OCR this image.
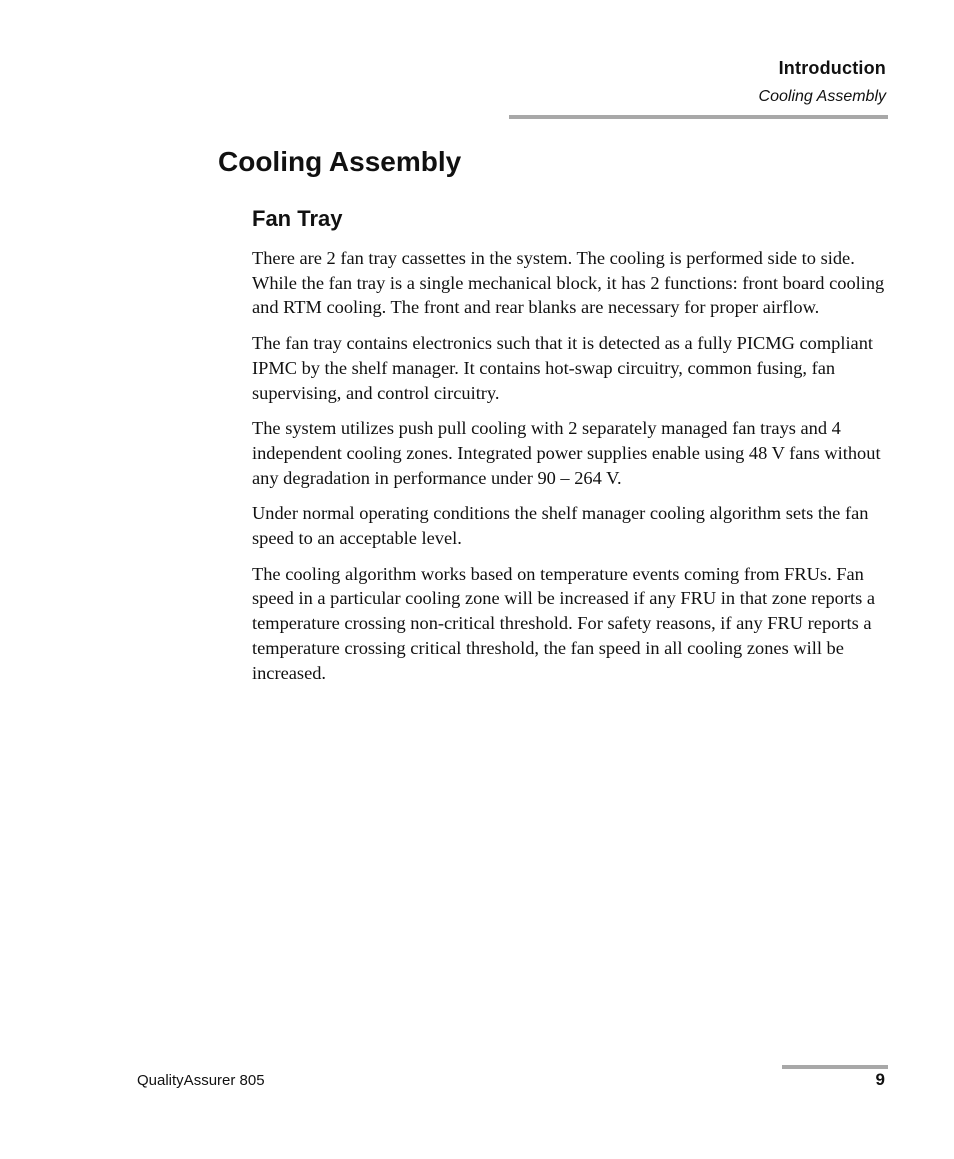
Introduction
Cooling Assembly
Cooling Assembly
Fan Tray

There are 2 fan tray cassettes in the system. The cooling is performed side to side. While the fan tray is a single mechanical block, it has 2 functions: front board cooling and RTM cooling. The front and rear blanks are necessary for proper airflow.

The fan tray contains electronics such that it is detected as a fully PICMG compliant IPMC by the shelf manager. It contains hot-swap circuitry, common fusing, fan supervising, and control circuitry.

The system utilizes push pull cooling with 2 separately managed fan trays and 4 independent cooling zones. Integrated power supplies enable using 48 V fans without any degradation in performance under 90 – 264 V.

Under normal operating conditions the shelf manager cooling algorithm sets the fan speed to an acceptable level.

The cooling algorithm works based on temperature events coming from FRUs. Fan speed in a particular cooling zone will be increased if any FRU in that zone reports a temperature crossing non-critical threshold. For safety reasons, if any FRU reports a temperature crossing critical threshold, the fan speed in all cooling zones will be increased.

QualityAssurer 805	9
